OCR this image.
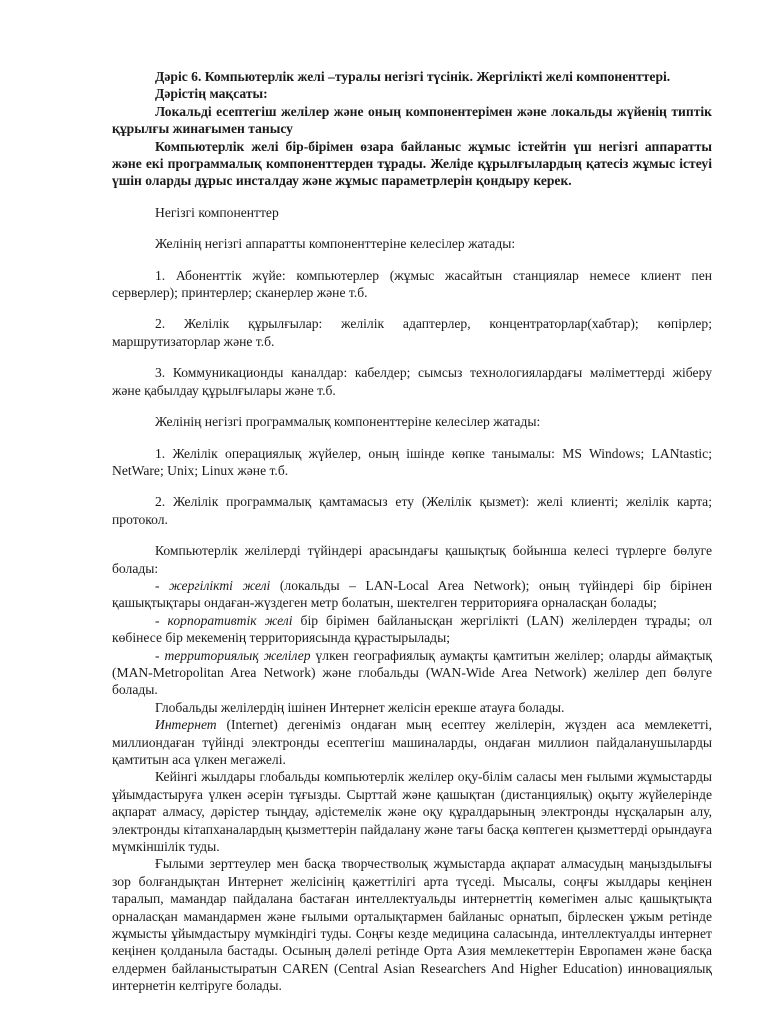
Дәріс 6. Компьютерлік желі –туралы негізгі түсінік. Жергілікті желі компоненттері.

Дәрістің мақсаты:

Локальді есептегіш желілер және оның компонентерімен және локальды жүйенің типтік құрылғы жинағымен танысу

Компьютерлік желі бір-бірімен өзара байланыс жұмыс істейтін үш негізгі аппаратты және екі программалық компоненттерден тұрады. Желіде құрылғылардың қатесіз жұмыс істеуі үшін оларды дұрыс инсталдау және жұмыс параметрлерін қондыру керек.

Негізгі компоненттер

Желінің негізгі аппаратты компоненттеріне келесілер жатады:

1. Абоненттік жүйе: компьютерлер (жұмыс жасайтын станциялар немесе клиент пен серверлер); принтерлер; сканерлер және т.б.

2. Желілік құрылғылар: желілік адаптерлер, концентраторлар(хабтар); көпірлер; маршрутизаторлар және т.б.

3. Коммуникационды каналдар: кабелдер; сымсыз технологиялардағы мәліметтерді жіберу және қабылдау құрылғылары және т.б.

Желінің негізгі программалық компоненттеріне келесілер жатады:

1. Желілік операциялық жүйелер, оның ішінде көпке танымалы: MS Windows; LANtastic; NetWare; Unix; Linux және т.б.

2. Желілік программалық қамтамасыз ету (Желілік қызмет): желі клиенті; желілік карта; протокол.

Компьютерлік желілерді түйіндері арасындағы қашықтық бойынша келесі түрлерге бөлуге болады:

- жергілікті желі (локальды – LAN-Local Area Network); оның түйіндері бір бірінен қашықтықтары ондаған-жүздеген метр болатын, шектелген территорияға орналасқан болады;

- корпоративтік желі бір бірімен байланысқан жергілікті (LAN) желілерден тұрады; ол көбінесе бір мекеменің территориясында құрастырылады;

- территориялық желілер үлкен географиялық аумақты қамтитын желілер; оларды аймақтық (MAN-Metropolitan Area Network) және глобальды (WAN-Wide Area Network) желілер деп бөлуге болады.

Глобальды желілердің ішінен Интернет желісін ерекше атауға болады.

Интернет (Internet) дегеніміз ондаған мың есептеу желілерін, жүзден аса мемлекетті, миллиондаған түйінді электронды есептегіш машиналарды, ондаған миллион пайдаланушыларды қамтитын аса үлкен мегажелі.

Кейінгі жылдары глобальды компьютерлік желілер оқу-білім саласы мен ғылыми жұмыстарды ұйымдастыруға үлкен әсерін тұғызды. Сырттай және қашықтан (дистанциялық) оқыту жүйелерінде ақпарат алмасу, дәрістер тыңдау, әдістемелік және оқу құралдарының электронды нұсқаларын алу, электронды кітапханалардың қызметтерін пайдалану және тағы басқа көптеген қызметтерді орындауға мүмкіншілік туды.

Ғылыми зерттеулер мен басқа творчестволық жұмыстарда ақпарат алмасудың маңыздылығы зор болғандықтан Интернет желісінің қажеттілігі арта түседі. Мысалы, соңғы жылдары кеңінен таралып, мамандар пайдалана бастаған интеллектуальды интернеттің көмегімен алыс қашықтықта орналасқан мамандармен және ғылыми орталықтармен байланыс орнатып, бірлескен ұжым ретінде жұмысты ұйымдастыру мүмкіндігі туды. Соңғы кезде медицина саласында, интеллектуалды интернет кеңінен қолданыла бастады. Осының дәлелі ретінде Орта Азия мемлекеттерін Европамен және басқа елдермен байланыстыратын CAREN (Central Asian Researchers And Higher Education) инновациялық интернетін келтіруге болады.
